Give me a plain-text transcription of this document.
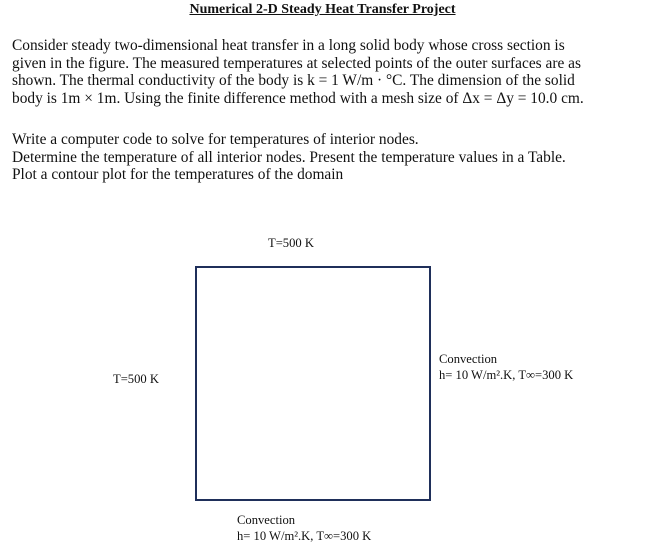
Numerical 2-D Steady Heat Transfer Project

Consider steady two-dimensional heat transfer in a long solid body whose cross section is
given in the figure. The measured temperatures at selected points of the outer surfaces are as
shown. The thermal conductivity of the body is k = 1 W/m · °C. The dimension of the solid
body is 1m × 1m. Using the finite difference method with a mesh size of Δx = Δy = 10.0 cm.

Write a computer code to solve for temperatures of interior nodes.
Determine the temperature of all interior nodes. Present the temperature values in a Table.
Plot a contour plot for the temperatures of the domain

T=500 K
T=500 K
Convection
h= 10 W/m².K, T∞=300 K
Convection
h= 10 W/m².K, T∞=300 K
